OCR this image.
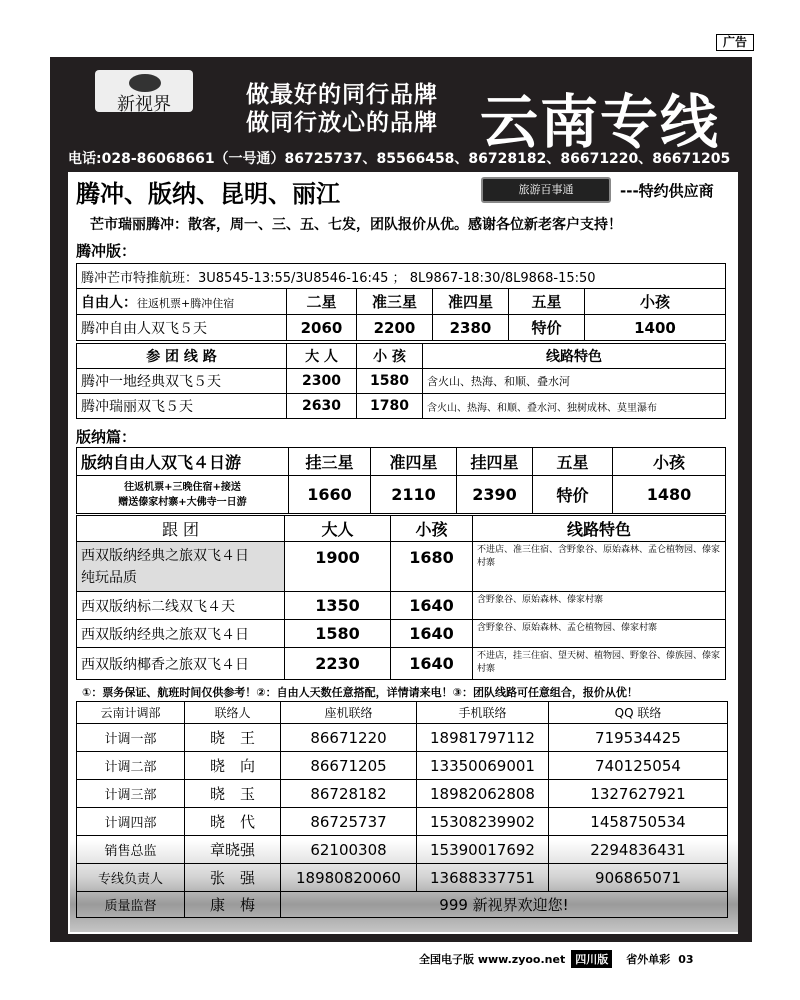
广告
新视界	做最好的同行品牌
做同行放心的品牌 云南专线
电话:028-86068661（一号通）86725737、85566458、86728182、86671220、86671205
腾冲、版纳、昆明、丽江	旅游百事通	---特约供应商
芒市瑞丽腾冲：散客，周一、三、五、七发，团队报价从优。感谢各位新老客户支持！
腾冲版：
腾冲芒市特推航班：3U8545-13:55/3U8546-16:45 ； 8L9867-18:30/8L9868-15:50					
自由人：往返机票+腾冲住宿	二星	准三星	准四星	五星	小孩
腾冲自由人双飞５天	2060	2200	2380	特价	1400
参 团 线 路	大 人	小 孩	线路特色
腾冲一地经典双飞５天	2300	1580	含火山、热海、和顺、叠水河
腾冲瑞丽双飞５天	2630	1780	含火山、热海、和顺、叠水河、独树成林、莫里瀑布
版纳篇：
版纳自由人双飞４日游	挂三星	准四星	挂四星	五星	小孩
往返机票+三晚住宿+接送
赠送傣家村寨+大佛寺一日游	1660	2110	2390	特价	1480
跟 团	大人	小孩	线路特色
西双版纳经典之旅双飞４日
纯玩品质	1900	1680	不进店、准三住宿、含野象谷、原始森林、孟仑植物园、傣家村寨
西双版纳标二线双飞４天	1350	1640	含野象谷、原始森林、傣家村寨
西双版纳经典之旅双飞４日	1580	1640	含野象谷、原始森林、孟仑植物园、傣家村寨
西双版纳椰香之旅双飞４日	2230	1640	不进店，挂三住宿、望天树、植物园、野象谷、傣族园、傣家村寨
①：票务保证、航班时间仅供参考！②：自由人天数任意搭配，详情请来电！③：团队线路可任意组合，报价从优！
云南计调部	联络人	座机联络	手机联络	QQ 联络
计调一部	晓　王	86671220	18981797112	719534425
计调二部	晓　向	86671205	13350069001	740125054
计调三部	晓　玉	86728182	18982062808	1327627921
计调四部	晓　代	86725737	15308239902	1458750534
销售总监	章晓强	62100308	15390017692	2294836431
专线负责人	张　强	18980820060	13688337751	906865071
质量监督	康　梅	999 新视界欢迎您!		
全国电子版 www.zyoo.net 四川版	省外单彩 03
